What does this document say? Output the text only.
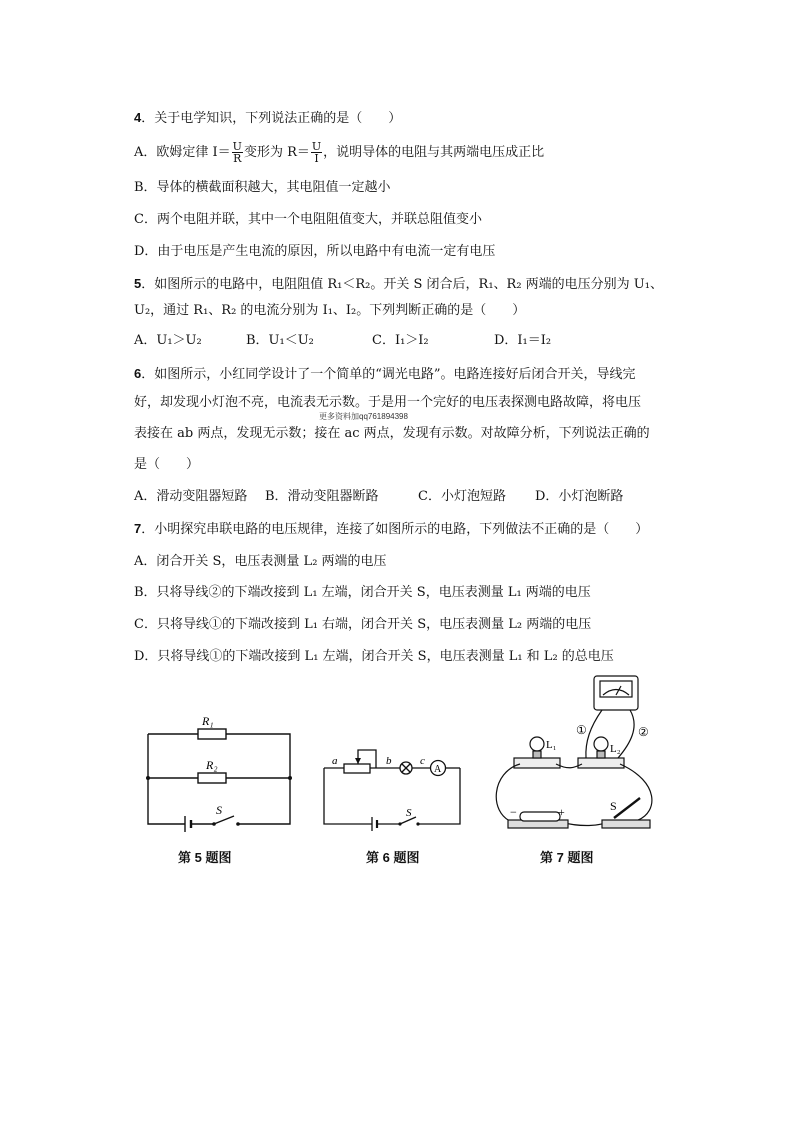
4．关于电学知识，下列说法正确的是（　　）
A．欧姆定律 $I= \frac{U}{R}$ 变形为 $R= \frac{U}{I}$ ，说明导体的电阻与其两端电压成正比
B．导体的横截面积越大，其电阻值一定越小
C．两个电阻并联，其中一个电阻阻值变大，并联总阻值变小
D．由于电压是产生电流的原因，所以电路中有电流一定有电压
5．如图所示的电路中，电阻阻值 R₁＜R₂。开关 S 闭合后，R₁、R₂ 两端的电压分别为 U₁、
U₂，通过 R₁、R₂ 的电流分别为 I₁、I₂。下列判断正确的是（　　）
A．U₁＞U₂	B．U₁＜U₂	C．I₁＞I₂	D．I₁＝I₂
6．如图所示，小红同学设计了一个简单的“调光电路”。电路连接好后闭合开关，导线完
好，却发现小灯泡不亮，电流表无示数。于是用一个完好的电压表探测电路故障，将电压
更多资料加qq761894398
表接在 ab 两点，发现无示数；接在 ac 两点，发现有示数。对故障分析，下列说法正确的
是（　　）
A．滑动变阻器短路 B．滑动变阻器断路	C．小灯泡短路 D．小灯泡断路
7．小明探究串联电路的电压规律，连接了如图所示的电路，下列做法不正确的是（　　）
A．闭合开关 S，电压表测量 L₂ 两端的电压
B．只将导线②的下端改接到 L₁ 左端，闭合开关 S，电压表测量 L₁ 两端的电压
C．只将导线①的下端改接到 L₁ 右端，闭合开关 S，电压表测量 L₂ 两端的电压
D．只将导线①的下端改接到 L₁ 左端，闭合开关 S，电压表测量 L₁ 和 L₂ 的总电压
R₁
R₂
S
第 5 题图
a	b	c
A
S
第 6 题图
L₁	L₂
①	②
S
−	+
第 7 题图
